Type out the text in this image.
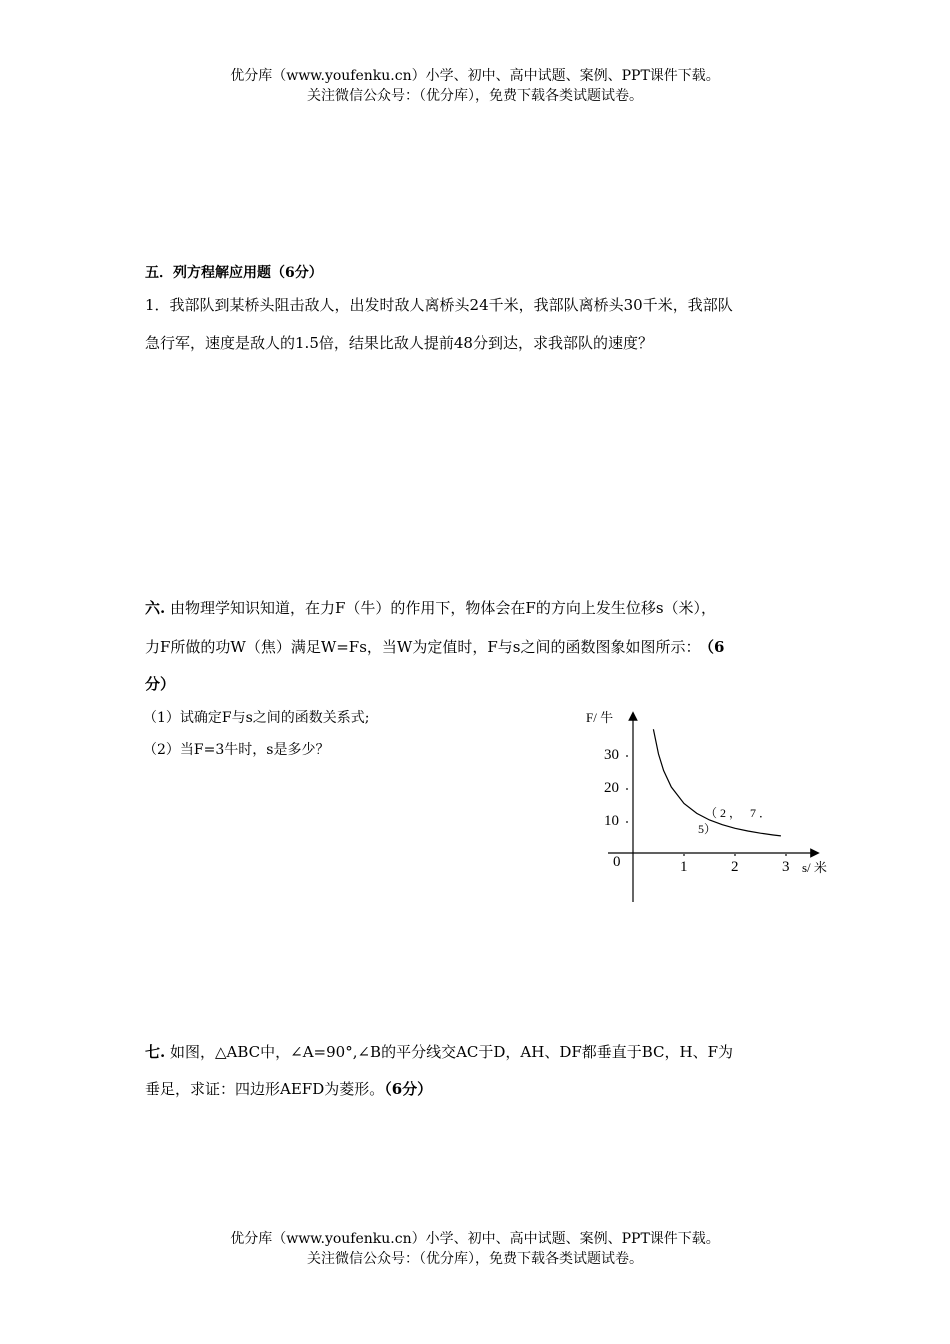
优分库（www.youfenku.cn）小学、初中、高中试题、案例、PPT课件下载。
关注微信公众号：（优分库），免费下载各类试题试卷。
五．列方程解应用题（6分）
1．我部队到某桥头阻击敌人，出发时敌人离桥头24千米，我部队离桥头30千米，我部队
急行军，速度是敌人的1.5倍，结果比敌人提前48分到达，求我部队的速度？
六. 由物理学知识知道，在力F（牛）的作用下，物体会在F的方向上发生位移s（米），
力F所做的功W（焦）满足W=Fs，当W为定值时，F与s之间的函数图象如图所示： （6
分）
（1）试确定F与s之间的函数关系式;
（2）当F=3牛时，s是多少？
F/ 牛
s/ 米
0	1	2	3
10
20
30
（2， 7．
5）
七. 如图，△ABC中，∠A=90°,∠B的平分线交AC于D，AH、DF都垂直于BC，H、F为
垂足，求证：四边形AEFD为菱形。（6分）
优分库（www.youfenku.cn）小学、初中、高中试题、案例、PPT课件下载。
关注微信公众号：（优分库），免费下载各类试题试卷。
